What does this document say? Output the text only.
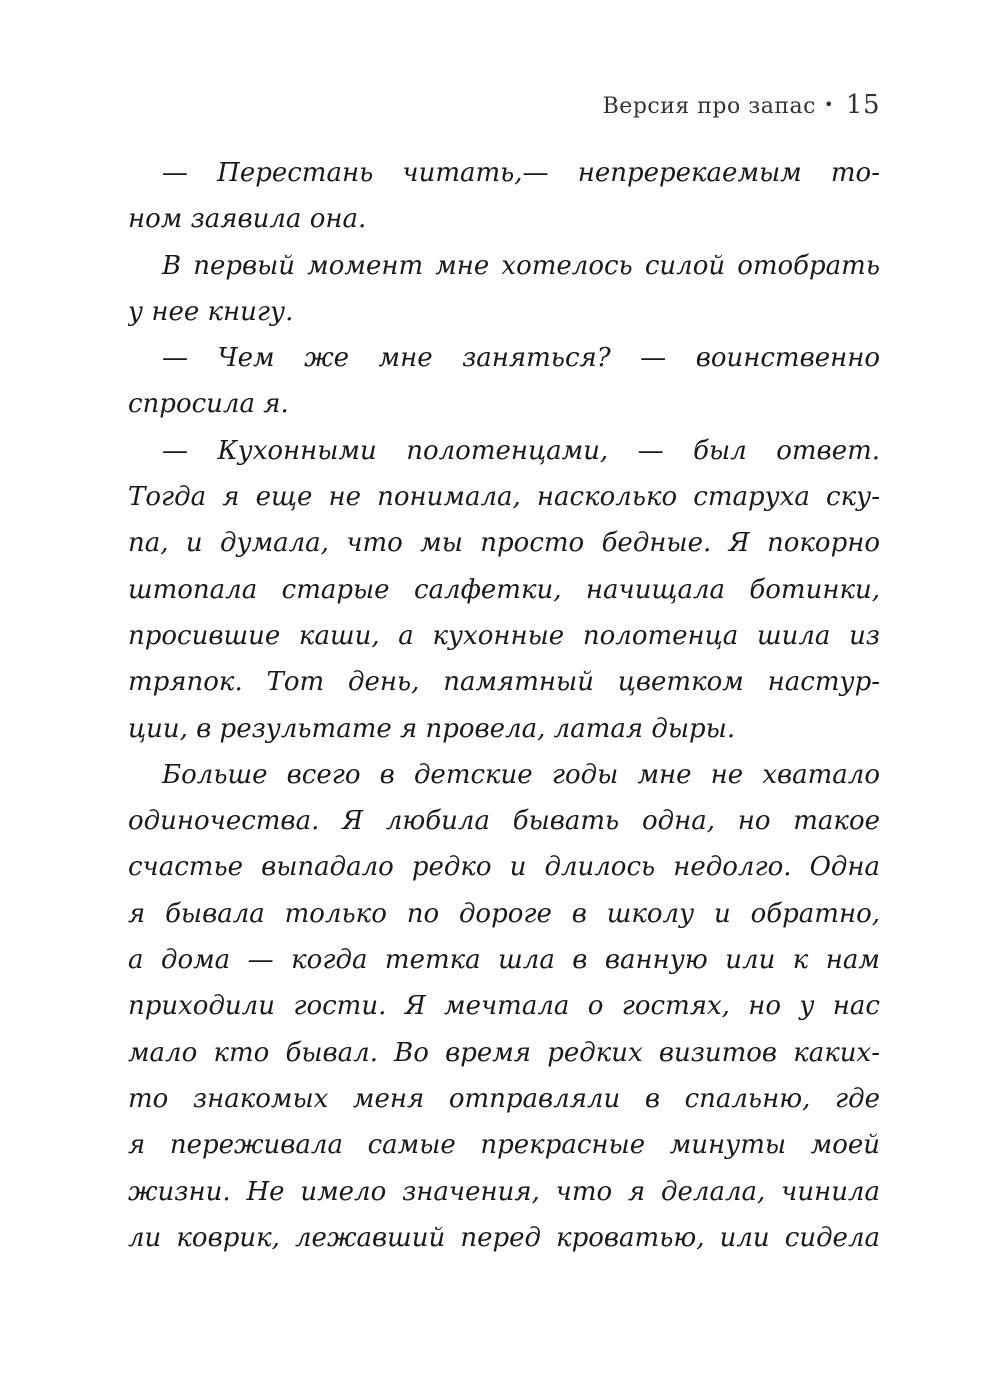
Версия про запас • 15
— Перестань читать,— непререкаемым то-
ном заявила она.
В первый момент мне хотелось силой отобрать
у нее книгу.
— Чем же мне заняться? — воинственно
спросила я.
— Кухонными полотенцами, — был ответ.
Тогда я еще не понимала, насколько старуха ску-
па, и думала, что мы просто бедные. Я покорно
штопала старые салфетки, начищала ботинки,
просившие каши, а кухонные полотенца шила из
тряпок. Тот день, памятный цветком настур-
ции, в результате я провела, латая дыры.
Больше всего в детские годы мне не хватало
одиночества. Я любила бывать одна, но такое
счастье выпадало редко и длилось недолго. Одна
я бывала только по дороге в школу и обратно,
а дома — когда тетка шла в ванную или к нам
приходили гости. Я мечтала о гостях, но у нас
мало кто бывал. Во время редких визитов каких-
то знакомых меня отправляли в спальню, где
я переживала самые прекрасные минуты моей
жизни. Не имело значения, что я делала, чинила
ли коврик, лежавший перед кроватью, или сидела
